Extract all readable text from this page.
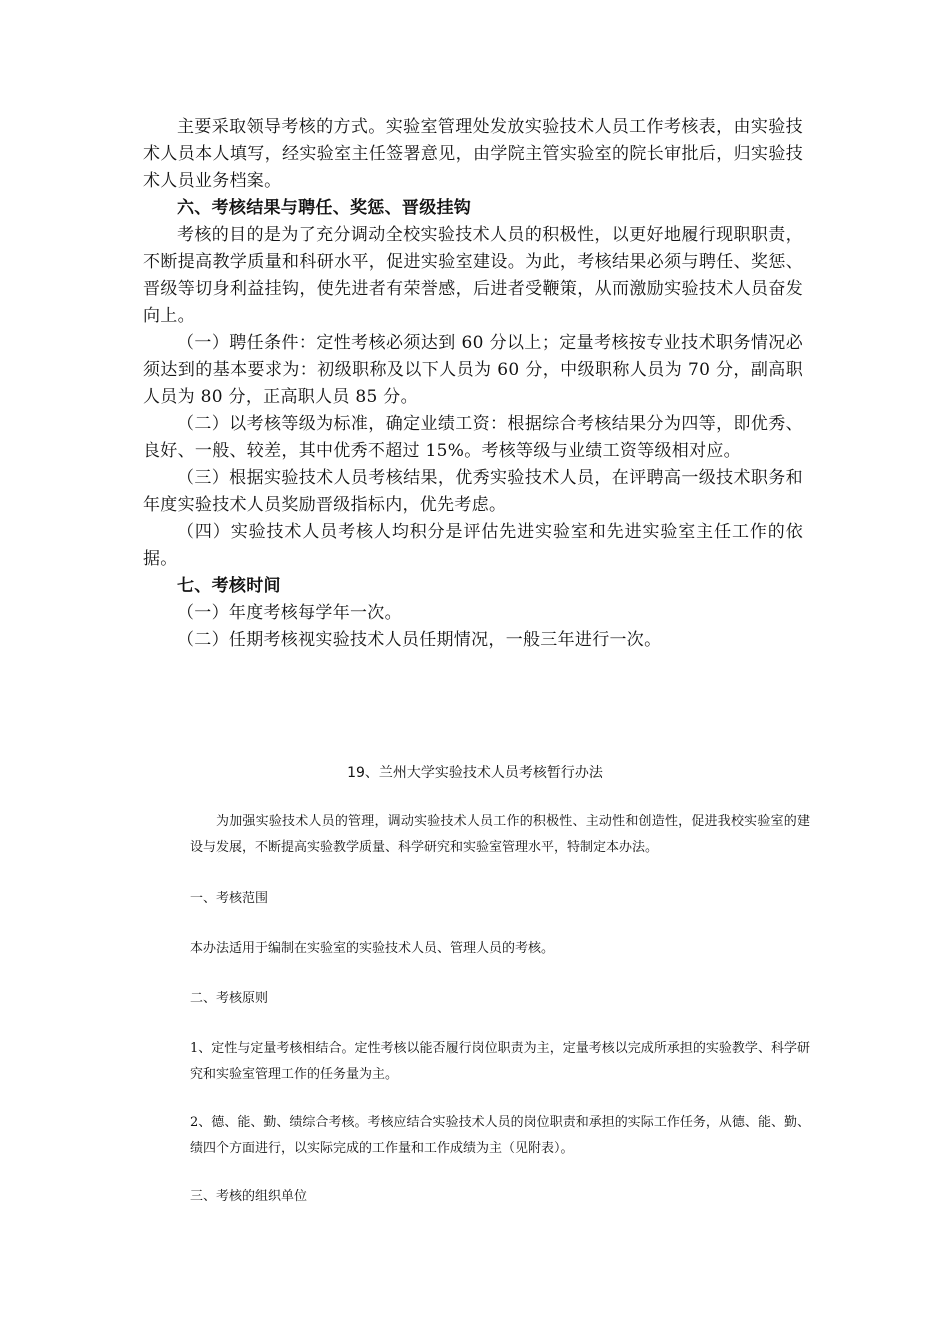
主要采取领导考核的方式。实验室管理处发放实验技术人员工作考核表，由实验技术人员本人填写，经实验室主任签署意见，由学院主管实验室的院长审批后，归实验技术人员业务档案。

六、考核结果与聘任、奖惩、晋级挂钩

考核的目的是为了充分调动全校实验技术人员的积极性，以更好地履行现职职责，不断提高教学质量和科研水平，促进实验室建设。为此，考核结果必须与聘任、奖惩、晋级等切身利益挂钩，使先进者有荣誉感，后进者受鞭策，从而激励实验技术人员奋发向上。

（一）聘任条件：定性考核必须达到 60 分以上；定量考核按专业技术职务情况必须达到的基本要求为：初级职称及以下人员为 60 分，中级职称人员为 70 分，副高职人员为 80 分，正高职人员 85 分。

（二）以考核等级为标准，确定业绩工资：根据综合考核结果分为四等，即优秀、良好、一般、较差，其中优秀不超过 15%。考核等级与业绩工资等级相对应。

（三）根据实验技术人员考核结果，优秀实验技术人员，在评聘高一级技术职务和年度实验技术人员奖励晋级指标内，优先考虑。

（四）实验技术人员考核人均积分是评估先进实验室和先进实验室主任工作的依据。

七、考核时间

（一）年度考核每学年一次。

（二）任期考核视实验技术人员任期情况，一般三年进行一次。

19、兰州大学实验技术人员考核暂行办法

为加强实验技术人员的管理，调动实验技术人员工作的积极性、主动性和创造性，促进我校实验室的建设与发展，不断提高实验教学质量、科学研究和实验室管理水平，特制定本办法。

一、考核范围

本办法适用于编制在实验室的实验技术人员、管理人员的考核。

二、考核原则

1、定性与定量考核相结合。定性考核以能否履行岗位职责为主，定量考核以完成所承担的实验教学、科学研究和实验室管理工作的任务量为主。

2、德、能、勤、绩综合考核。考核应结合实验技术人员的岗位职责和承担的实际工作任务，从德、能、勤、绩四个方面进行，以实际完成的工作量和工作成绩为主（见附表）。

三、考核的组织单位
